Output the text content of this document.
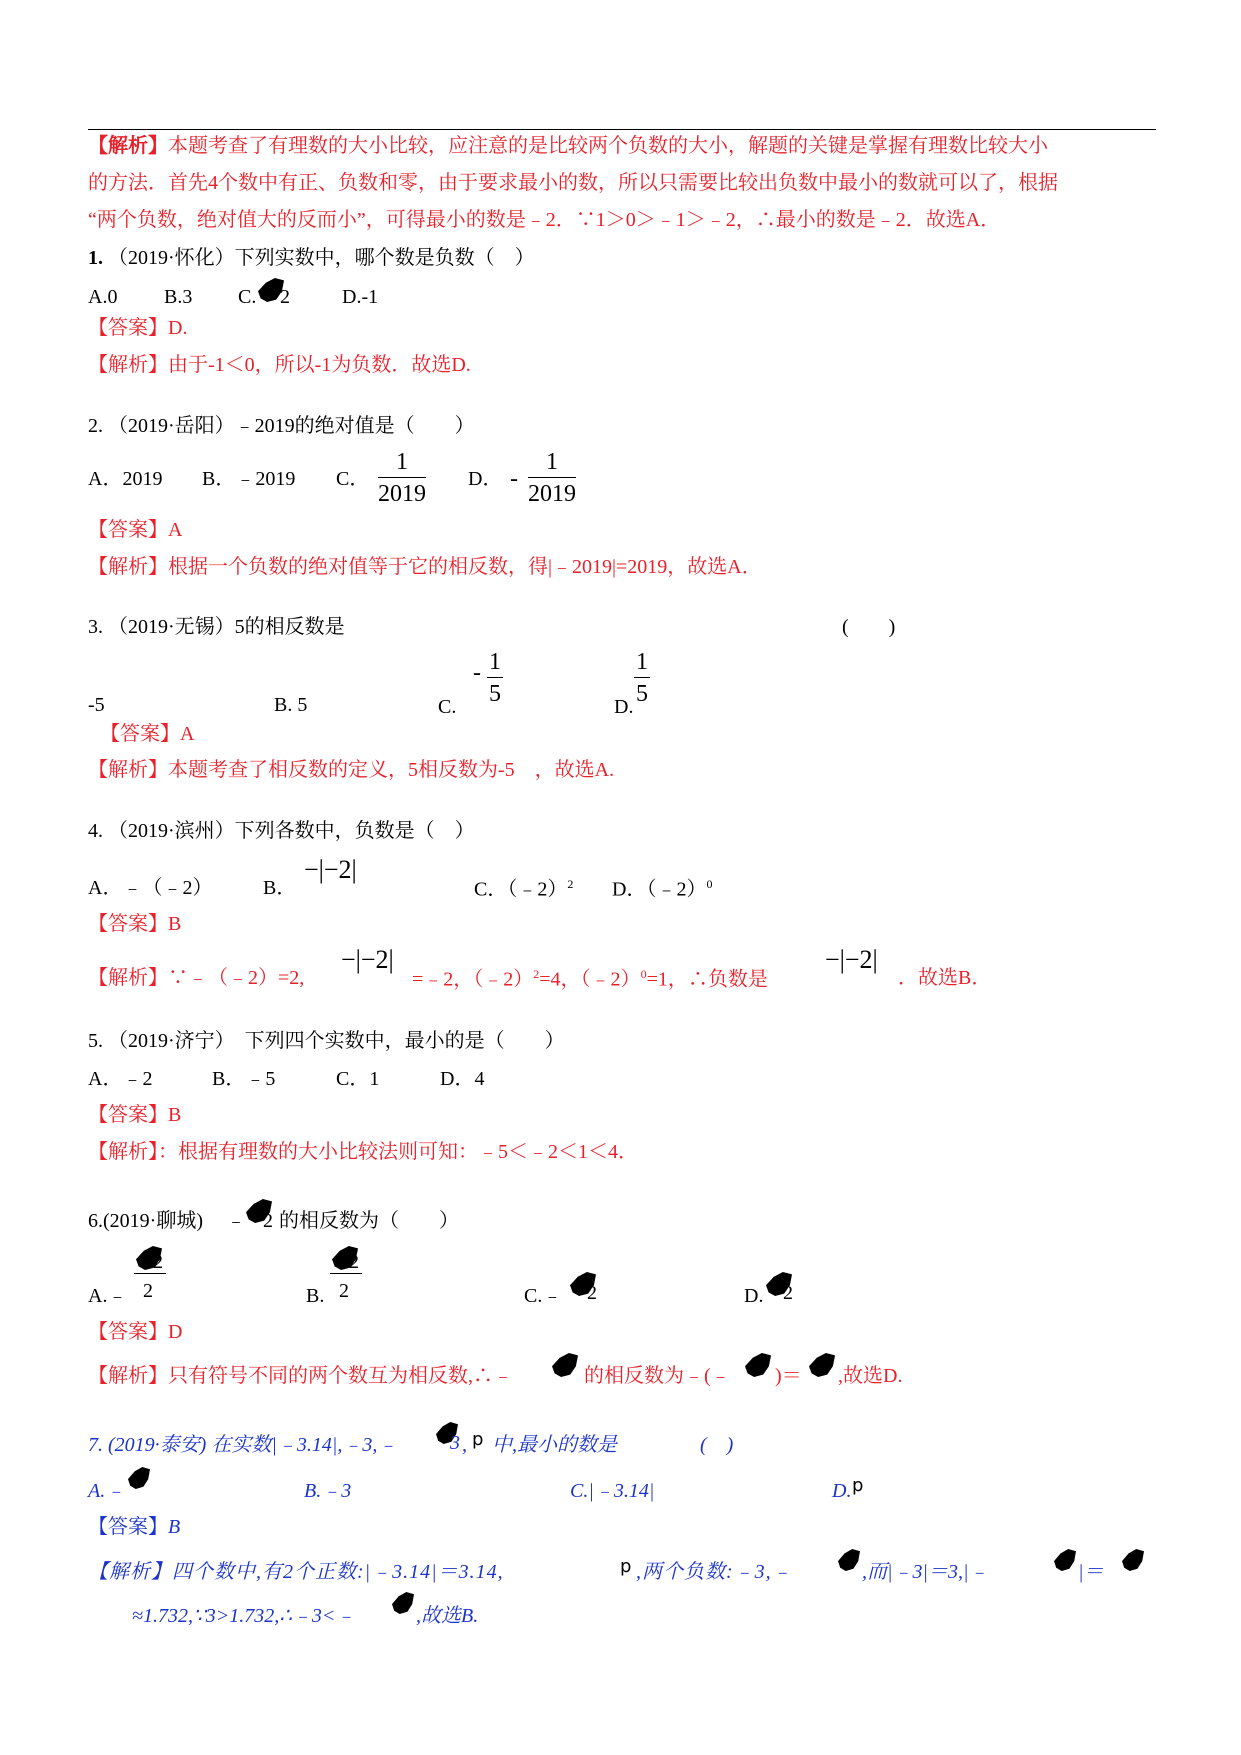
【解析】本题考查了有理数的大小比较，应注意的是比较两个负数的大小，解题的关键是掌握有理数比较大小
的方法．首先4个数中有正、负数和零，由于要求最小的数，所以只需要比较出负数中最小的数就可以了，根据
“两个负数，绝对值大的反而小”，可得最小的数是﹣2．∵1＞0＞﹣1＞﹣2，∴最小的数是﹣2．故选A．
1. （2019·怀化）下列实数中，哪个数是负数（　）
A.0 B.3 C. 2	D.-1
【答案】D.
【解析】由于-1＜0，所以-1为负数．故选D.
2. （2019·岳阳）﹣2019的绝对值是（　　）
A．2019 B．﹣2019 C．
1
2019
D． -
1
2019
【答案】A
【解析】根据一个负数的绝对值等于它的相反数，得|﹣2019|=2019，故选A．
3. （2019·无锡）5的相反数是	(　　)
-5	B. 5	C.
- 1
5	D.
1
5
【答案】A
【解析】本题考查了相反数的定义，5相反数为-5　，故选A.
4. （2019·滨州）下列各数中，负数是（　）
A．﹣（﹣2）	B．
−|−2|
C．（﹣2）$^2$ D．（﹣2）$^0$
【答案】B
【解析】∵﹣（﹣2）=2,
−|−2|
=﹣2，（﹣2）$^2$=4，（﹣2）$^0$=1，∴负数是
−|−2|
．故选B．
5. （2019·济宁）　下列四个实数中，最小的是（　　）
A．﹣2	B．﹣5	C．1	D．4
【答案】B
【解析】：根据有理数的大小比较法则可知：﹣5＜﹣2＜1＜4．
6.(2019·聊城) ﹣ 2 的相反数为（　　）
A.﹣
2
2	B.
2
2	C.﹣ 2	D. 2
【答案】D
【解析】只有符号不同的两个数互为相反数,∴﹣	的相反数为﹣(﹣ )＝ ,故选D.
7. (2019·泰安) 在实数|﹣3.14|,﹣3,﹣	3 , p 中,最小的数是	(　)
A.﹣	B.﹣3	C.|﹣3.14|	D. p
【答案】B
【解析】四个数中,有2个正数:|﹣3.14|＝3.14,	p ,两个负数:﹣3,﹣	,而|﹣3|＝3,|﹣	|＝
≈1.732,∵3>1.732,∴﹣3<﹣	,故选B.
